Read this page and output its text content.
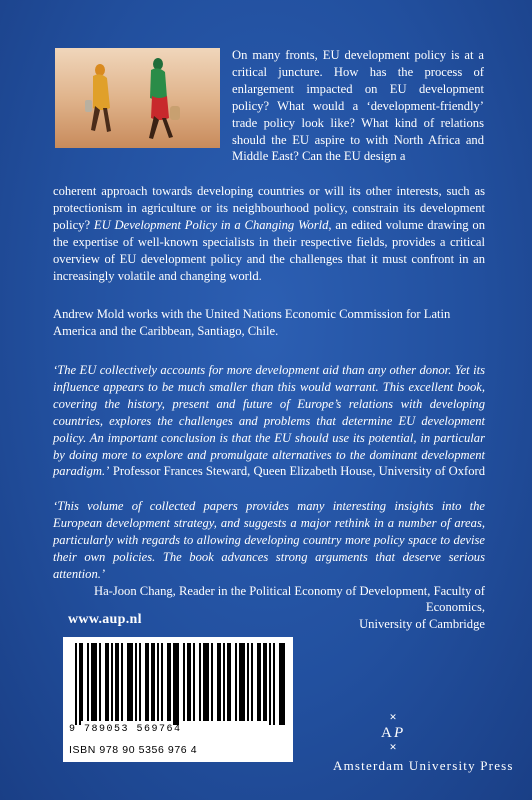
On many fronts, EU development policy is at a critical juncture. How has the process of enlargement impacted on EU development policy? What would a ‘development-friendly’ trade policy look like? What kind of relations should the EU aspire to with North Africa and Middle East? Can the EU design a
coherent approach towards developing countries or will its other interests, such as protectionism in agriculture or its neighbourhood policy, constrain its development policy? EU Development Policy in a Changing World, an edited volume drawing on the expertise of well-known specialists in their respective fields, provides a critical overview of EU development policy and the challenges that it must confront in an increasingly volatile and changing world.
Andrew Mold works with the United Nations Economic Commission for Latin America and the Caribbean, Santiago, Chile.
‘The EU collectively accounts for more development aid than any other donor. Yet its influence appears to be much smaller than this would warrant. This excellent book, covering the history, present and future of Europe’s relations with developing countries, explores the challenges and problems that determine EU development policy. An important conclusion is that the EU should use its potential, in particular by doing more to explore and promulgate alternatives to the dominant development paradigm.’ Professor Frances Steward, Queen Elizabeth House, University of Oxford
‘This volume of collected papers provides many interesting insights into the European development strategy, and suggests a major rethink in a number of areas, particularly with regards to allowing developing country more policy space to devise their own policies. The book advances strong arguments that deserve serious attention.’
Ha-Joon Chang, Reader in the Political Economy of Development, Faculty of Economics,
University of Cambridge
www.aup.nl
9 789053 569764
ISBN 978 90 5356 976 4
✕
A P
✕
Amsterdam University Press
